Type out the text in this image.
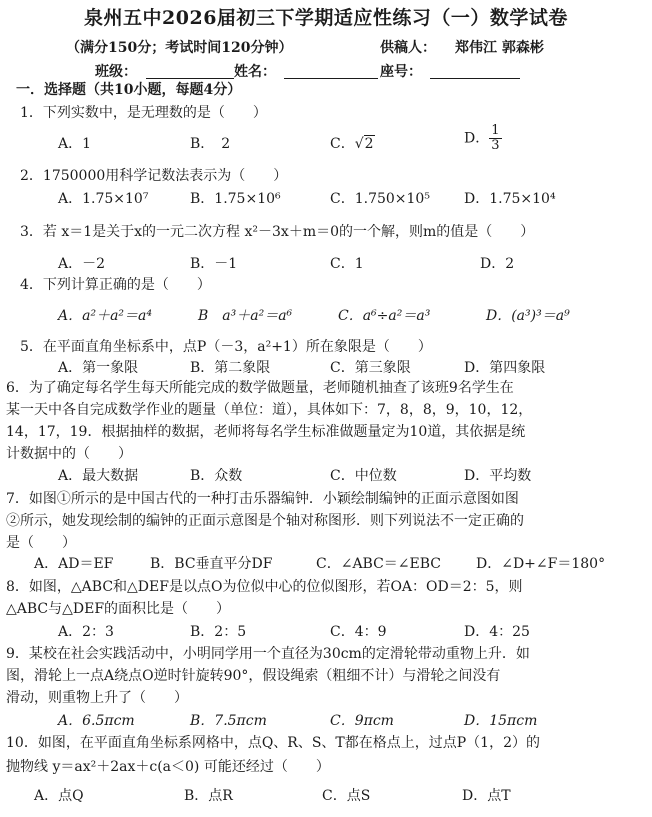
泉州五中2026届初三下学期适应性练习（一）数学试卷
（满分150分；考试时间120分钟）	供稿人： 郑伟江 郭森彬
班级：	姓名：	座号：
一．选择题（共10小题，每题4分）
1．下列实数中，是无理数的是（　　）
A．1	B．　2	C．√2	D． $\frac{1}{3}$
2．1750000用科学记数法表示为（　　）
A．1.75×10⁷	B．1.75×10⁶	C．1.750×10⁵ D．1.75×10⁴
3．若 x＝1是关于x的一元二次方程 x²－3x＋m＝0的一个解，则m的值是（　　）
A．－2	B．－1	C．1	D．2
4．下列计算正确的是（　　）
A．a²＋a²＝a⁴	B　a³＋a²＝a⁶	C．a⁶÷a²＝a³	D．(a³)³＝a⁹
5．在平面直角坐标系中，点P（－3，a²+1）所在象限是（　　）
A．第一象限	B．第二象限	C．第三象限	D．第四象限
6．为了确定每名学生每天所能完成的数学做题量，老师随机抽查了该班9名学生在
某一天中各自完成数学作业的题量（单位：道），具体如下：7，8，8，9，10，12，
14，17，19．根据抽样的数据，老师将每名学生标准做题量定为10道，其依据是统
计数据中的（　　）
A．最大数据	B．众数	C．中位数	D．平均数
7．如图①所示的是中国古代的一种打击乐器编钟．小颖绘制编钟的正面示意图如图
②所示，她发现绘制的编钟的正面示意图是个轴对称图形．则下列说法不一定正确的
是（　　）
A．AD＝EF	B．BC垂直平分DF	C．∠ABC＝∠EBC D．∠D+∠F＝180°
8．如图，△ABC和△DEF是以点O为位似中心的位似图形，若OA：OD＝2：5，则
△ABC与△DEF的面积比是（　　）
A．2：3	B．2：5	C．4：9	D．4：25
9．某校在社会实践活动中，小明同学用一个直径为30cm的定滑轮带动重物上升．如
图，滑轮上一点A绕点O逆时针旋转90°，假设绳索（粗细不计）与滑轮之间没有
滑动，则重物上升了（　　）
A．6.5πcm	B．7.5πcm	C．9πcm	D．15πcm
10．如图，在平面直角坐标系网格中，点Q、R、S、T都在格点上，过点P（1，2）的
抛物线 y＝ax²＋2ax＋c(a＜0) 可能还经过（　　）
A．点Q	B．点R	C．点S	D．点T
